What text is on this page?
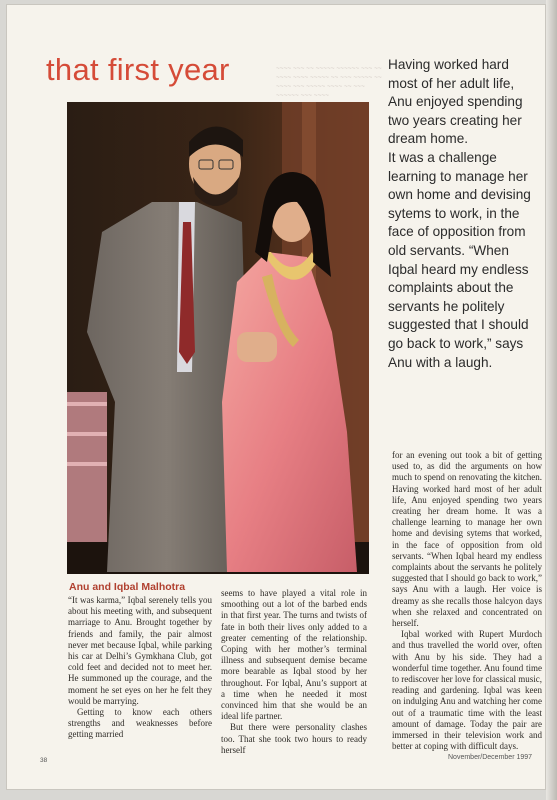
that first year	~~~~ ~~~ ~~ ~~~~~ ~~~~~~ ~~~ ~~ ~~~~ ~~~~ ~~~~~ ~~ ~~~ ~~~~~ ~~ ~~~~ ~~~ ~~~~~ ~~~~ ~~ ~~~ ~~~~~~ ~~~ ~~~~

Having worked hard most of her adult life, Anu enjoyed spending two years creating her dream home.

It was a challenge learning to manage her own home and devising sytems to work, in the face of opposition from old servants. “When Iqbal heard my endless complaints about the servants he politely suggested that I should go back to work,” says Anu with a laugh.

Anu and Iqbal Malhotra

“It was karma,” Iqbal serenely tells you about his meeting with, and subsequent marriage to Anu. Brought together by friends and family, the pair almost never met because Iqbal, while parking his car at Delhi’s Gymkhana Club, got cold feet and decided not to meet her. He summoned up the courage, and the moment he set eyes on her he felt they would be marrying.

Getting to know each others strengths and weaknesses before getting married

seems to have played a vital role in smoothing out a lot of the barbed ends in that first year. The turns and twists of fate in both their lives only added to a greater cementing of the relationship. Coping with her mother’s terminal illness and subsequent demise became more bearable as Iqbal stood by her throughout. For Iqbal, Anu’s support at a time when he needed it most convinced him that she would be an ideal life partner.

But there were personality clashes too. That she took two hours to ready herself

for an evening out took a bit of getting used to, as did the arguments on how much to spend on renovating the kitchen. Having worked hard most of her adult life, Anu enjoyed spending two years creating her dream home. It was a challenge learning to manage her own home and devising sytems that worked, in the face of opposition from old servants. “When Iqbal heard my endless complaints about the servants he politely suggested that I should go back to work,” says Anu with a laugh. Her voice is dreamy as she recalls those halcyon days when she relaxed and concentrated on herself.

Iqbal worked with Rupert Murdoch and thus travelled the world over, often with Anu by his side. They had a wonderful time together. Anu found time to rediscover her love for classical music, reading and gardening. Iqbal was keen on indulging Anu and watching her come out of a traumatic time with the least amount of damage. Today the pair are immersed in their television work and better at coping with difficult days.

38	November/December 1997
